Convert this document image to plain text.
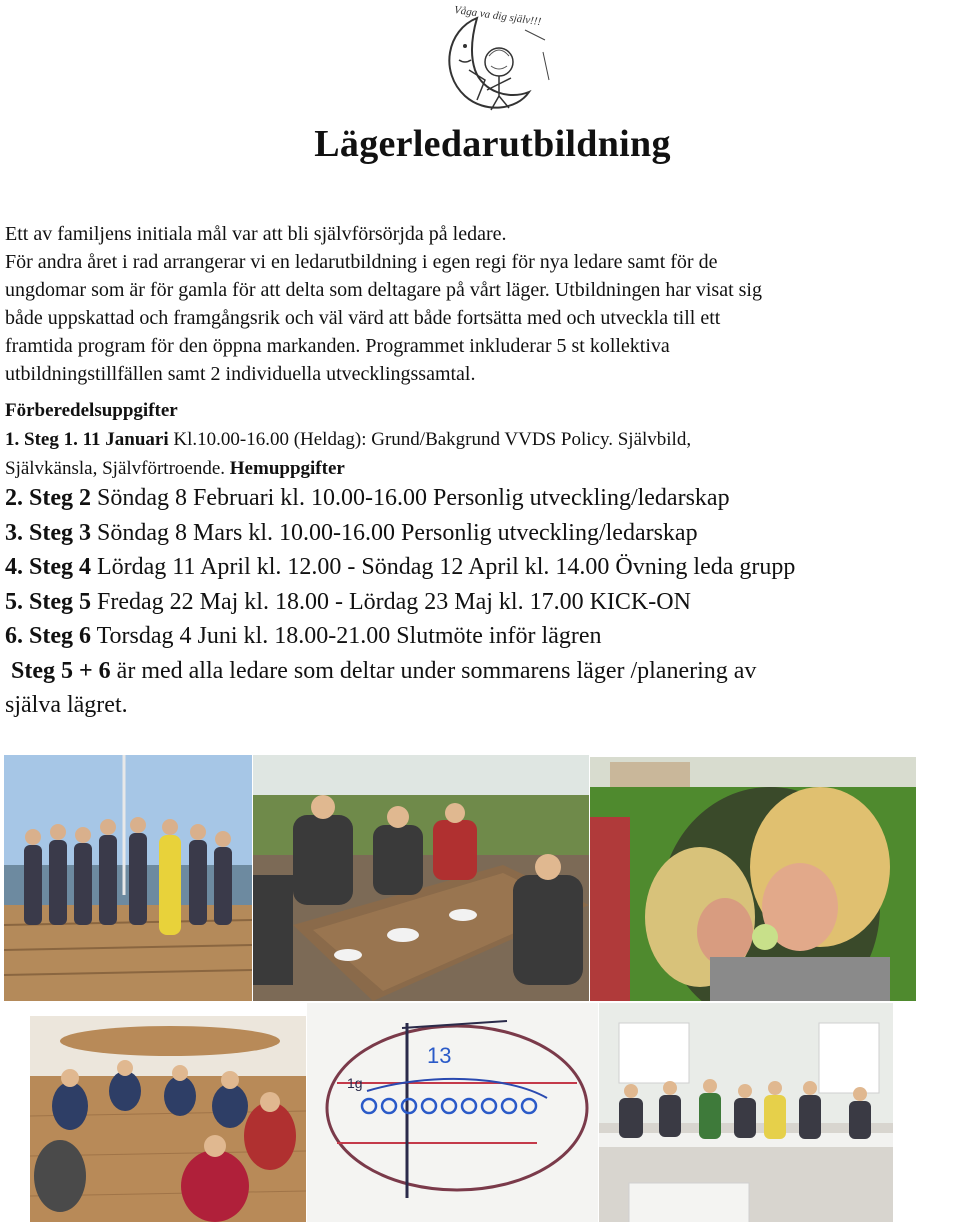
Våga va dig själv!!!
Lägerledarutbildning

Ett av familjens initiala mål var att bli självförsörjda på ledare.

För andra året i rad arrangerar vi en ledarutbildning i egen regi för nya ledare samt för de

ungdomar som är för gamla för att delta som deltagare på vårt läger. Utbildningen har visat sig

både uppskattad och framgångsrik och väl värd att både fortsätta med och utveckla till ett

framtida program för den öppna markanden. Programmet inkluderar 5 st kollektiva

utbildningstillfällen samt 2 individuella utvecklingssamtal.

Förberedelsuppgifter

1. Steg 1. 11 Januari Kl.10.00-16.00 (Heldag): Grund/Bakgrund VVDS Policy. Självbild,

Självkänsla, Självförtroende. Hemuppgifter

2. Steg 2 Söndag 8 Februari kl. 10.00-16.00 Personlig utveckling/ledarskap

3. Steg 3 Söndag 8 Mars kl. 10.00-16.00 Personlig utveckling/ledarskap

4. Steg 4 Lördag 11 April kl. 12.00 - Söndag 12 April kl. 14.00 Övning leda grupp

5. Steg 5 Fredag 22 Maj kl. 18.00 - Lördag 23 Maj kl. 17.00 KICK-ON

6. Steg 6 Torsdag 4 Juni kl. 18.00-21.00 Slutmöte inför lägren

Steg 5 + 6 är med alla ledare som deltar under sommarens läger /planering av

själva lägret.

13
1g
